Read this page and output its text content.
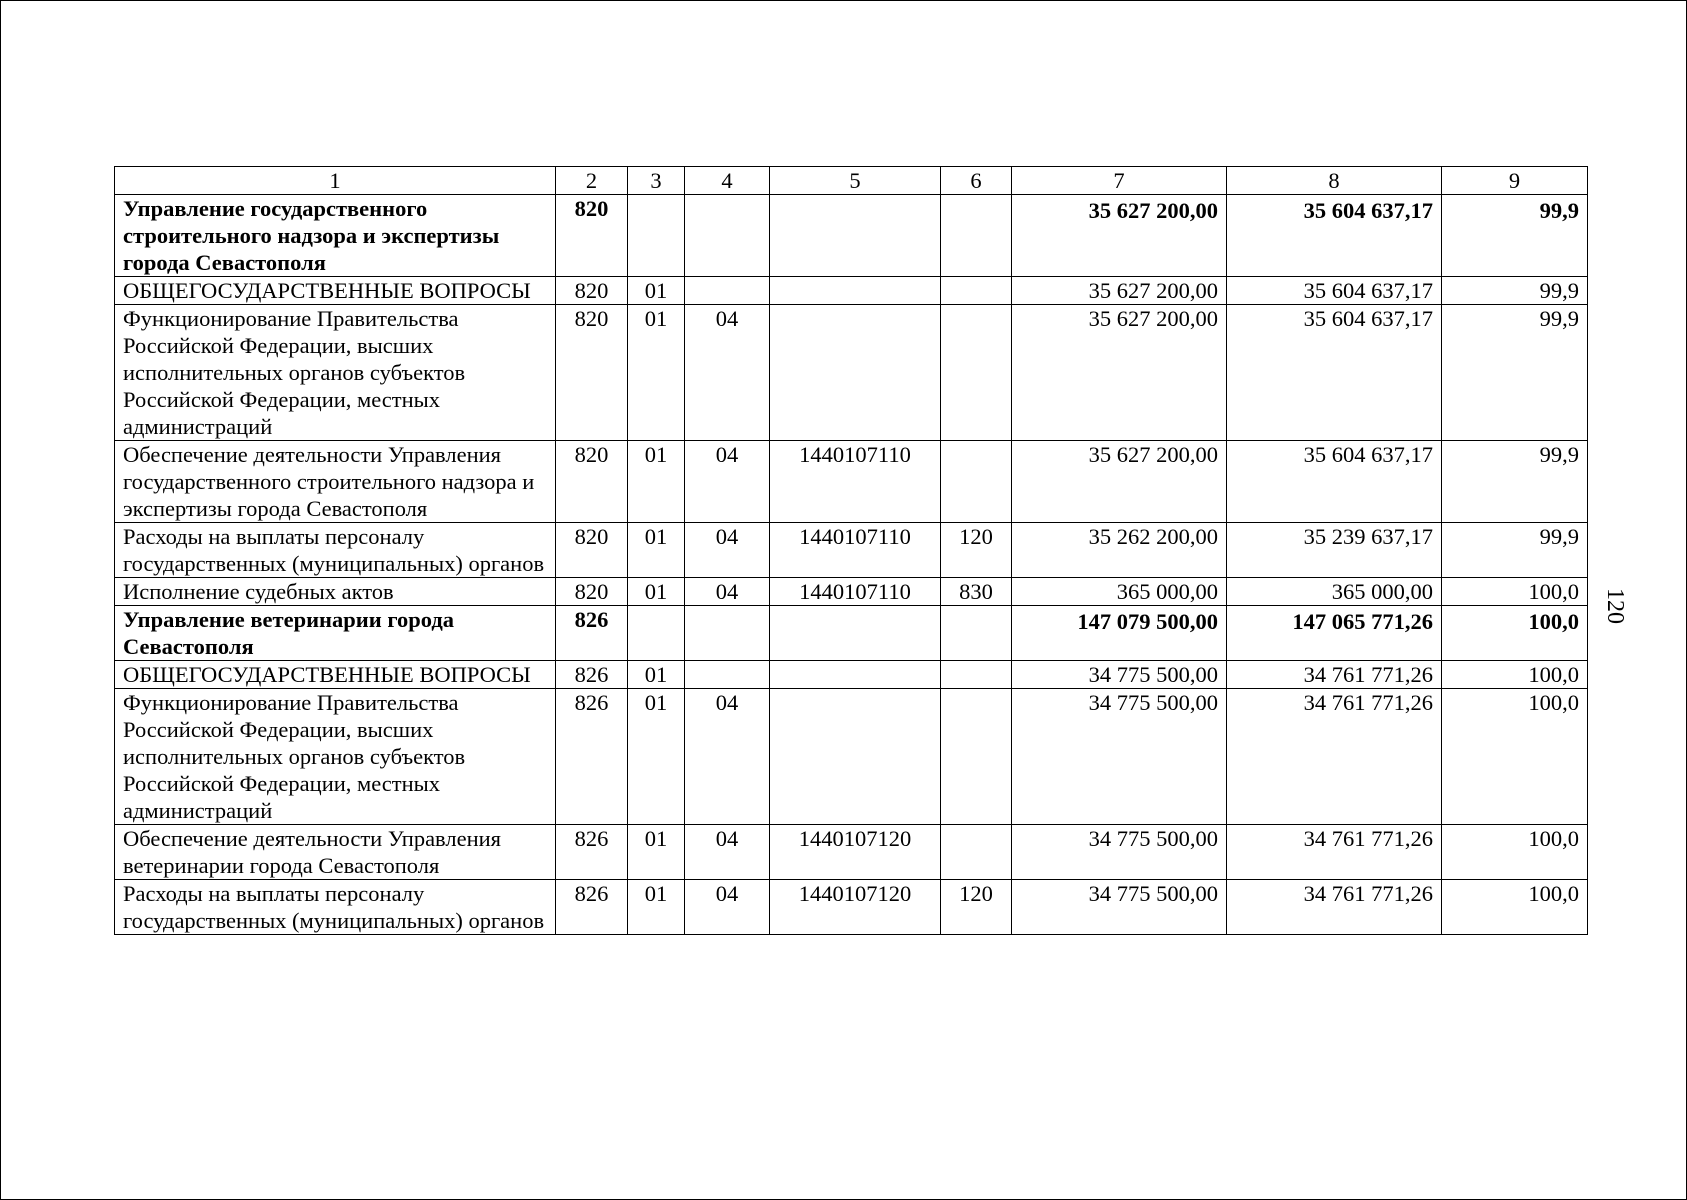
1	2	3	4	5	6	7	8	9
Управление государственного строительного надзора и экспертизы города Севастополя	820					35 627 200,00	35 604 637,17	99,9
ОБЩЕГОСУДАРСТВЕННЫЕ ВОПРОСЫ	820	01				35 627 200,00	35 604 637,17	99,9
Функционирование Правительства Российской Федерации, высших исполнительных органов субъектов Российской Федерации, местных администраций	820	01	04			35 627 200,00	35 604 637,17	99,9
Обеспечение деятельности Управления государственного строительного надзора и экспертизы города Севастополя	820	01	04	1440107110		35 627 200,00	35 604 637,17	99,9
Расходы на выплаты персоналу государственных (муниципальных) органов	820	01	04	1440107110	120	35 262 200,00	35 239 637,17	99,9
Исполнение судебных актов	820	01	04	1440107110	830	365 000,00	365 000,00	100,0
Управление ветеринарии города Севастополя	826					147 079 500,00	147 065 771,26	100,0
ОБЩЕГОСУДАРСТВЕННЫЕ ВОПРОСЫ	826	01				34 775 500,00	34 761 771,26	100,0
Функционирование Правительства Российской Федерации, высших исполнительных органов субъектов Российской Федерации, местных администраций	826	01	04			34 775 500,00	34 761 771,26	100,0
Обеспечение деятельности Управления ветеринарии города Севастополя	826	01	04	1440107120		34 775 500,00	34 761 771,26	100,0
Расходы на выплаты персоналу государственных (муниципальных) органов	826	01	04	1440107120	120	34 775 500,00	34 761 771,26	100,0
120
